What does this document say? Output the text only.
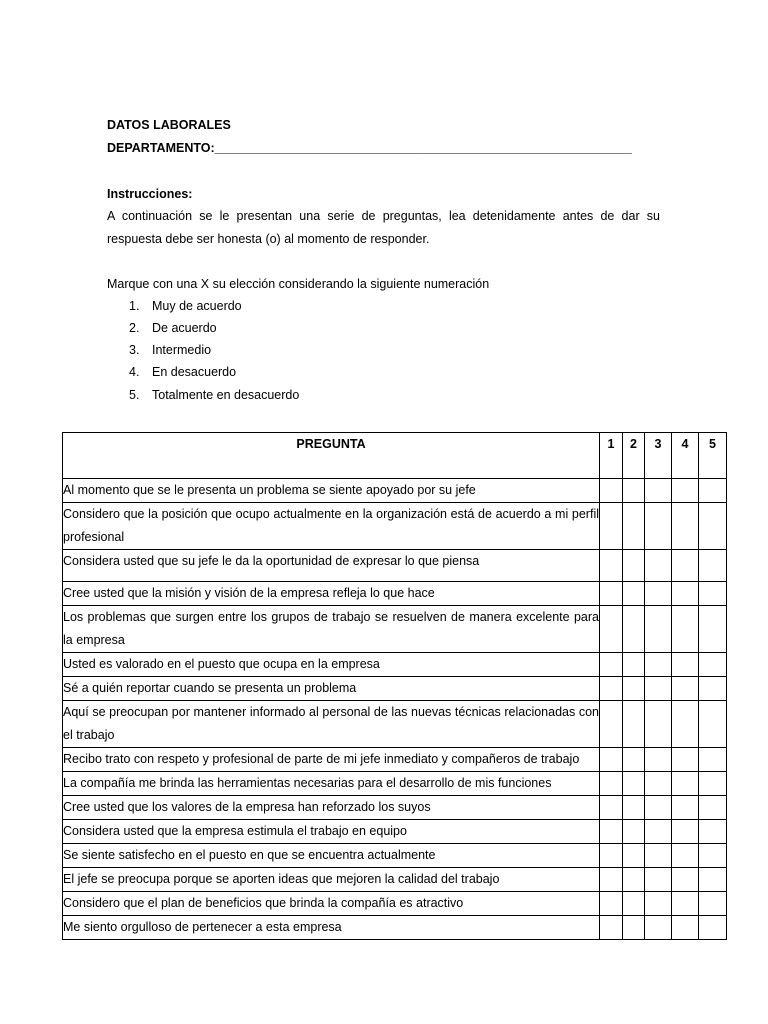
DATOS LABORALES
DEPARTAMENTO:____________________________________________________________
Instrucciones:
A continuación se le presentan una serie de preguntas, lea detenidamente antes de dar su respuesta debe ser honesta (o) al momento de responder.
Marque con una X su elección considerando la siguiente numeración
1. Muy de acuerdo
2. De acuerdo
3. Intermedio
4. En desacuerdo
5. Totalmente en desacuerdo
PREGUNTA	1	2	3	4	5
Al momento que se le presenta un problema se siente apoyado por su jefe					
Considero que la posición que ocupo actualmente en la organización está de acuerdo a mi perfil profesional					
Considera usted que su jefe le da la oportunidad de expresar lo que piensa					
Cree usted que la misión y visión de la empresa refleja lo que hace					
Los problemas que surgen entre los grupos de trabajo se resuelven de manera excelente para la empresa					
Usted es valorado en el puesto que ocupa en la empresa					
Sé a quién reportar cuando se presenta un problema					
Aquí se preocupan por mantener informado al personal de las nuevas técnicas relacionadas con el trabajo					
Recibo trato con respeto y profesional de parte de mi jefe inmediato y compañeros de trabajo					
La compañía me brinda las herramientas necesarias para el desarrollo de mis funciones					
Cree usted que los valores de la empresa han reforzado los suyos					
Considera usted que la empresa estimula el trabajo en equipo					
Se siente satisfecho en el puesto en que se encuentra actualmente					
El jefe se preocupa porque se aporten ideas que mejoren la calidad del trabajo					
Considero que el plan de beneficios que brinda la compañía es atractivo					
Me siento orgulloso de pertenecer a esta empresa					
